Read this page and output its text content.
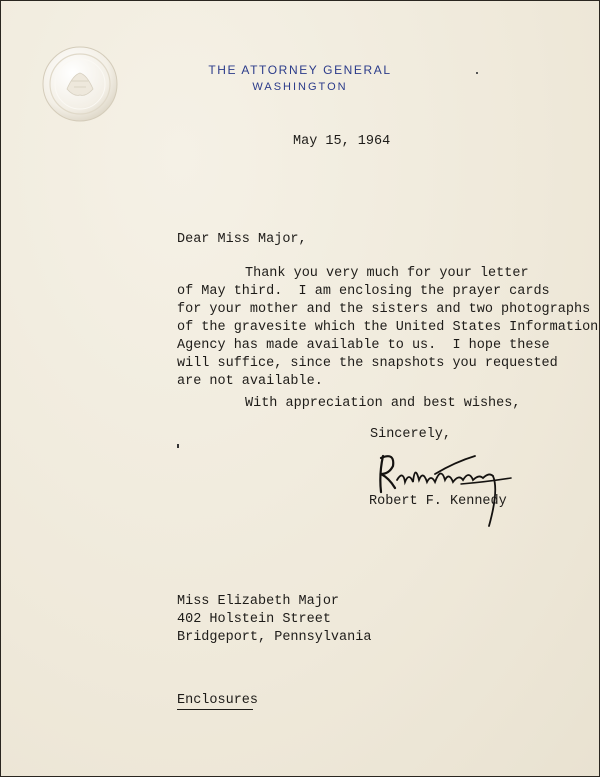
THE ATTORNEY GENERAL
WASHINGTON
May 15, 1964
Dear Miss Major,
Thank you very much for your letter
of May third.  I am enclosing the prayer cards
for your mother and the sisters and two photographs
of the gravesite which the United States Information
Agency has made available to us.  I hope these
will suffice, since the snapshots you requested
are not available.
With appreciation and best wishes,
Sincerely,
Robert F. Kennedy
Miss Elizabeth Major
402 Holstein Street
Bridgeport, Pennsylvania
Enclosures
